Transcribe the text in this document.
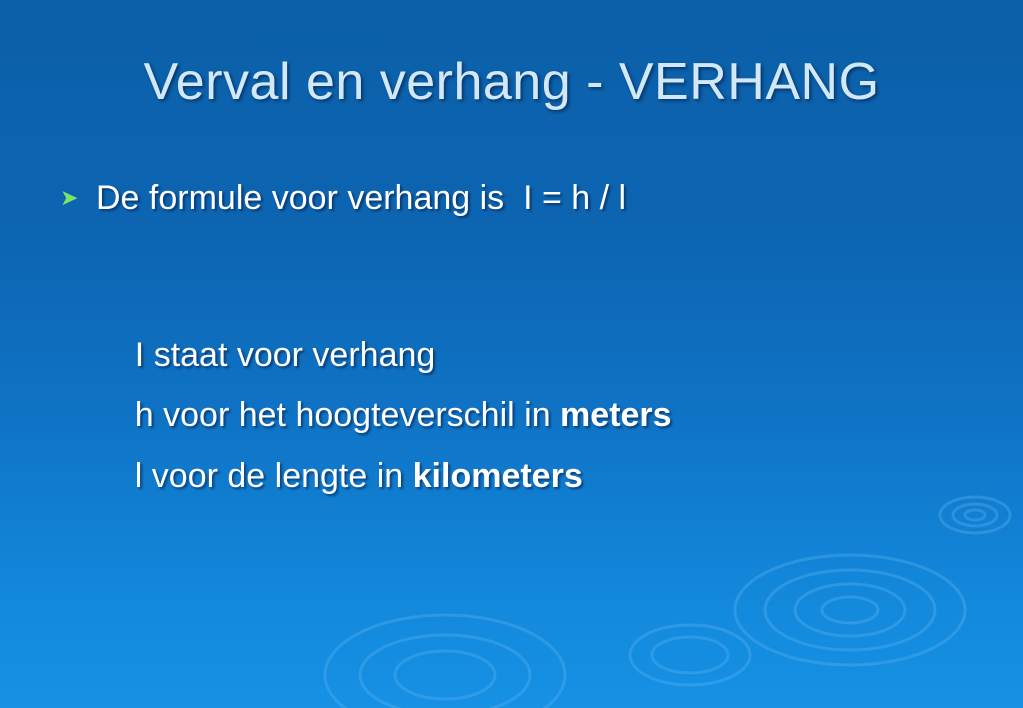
Verval en verhang - VERHANG
➤ De formule voor verhang is  I = h / l

I staat voor verhang

h voor het hoogteverschil in meters

l voor de lengte in kilometers
